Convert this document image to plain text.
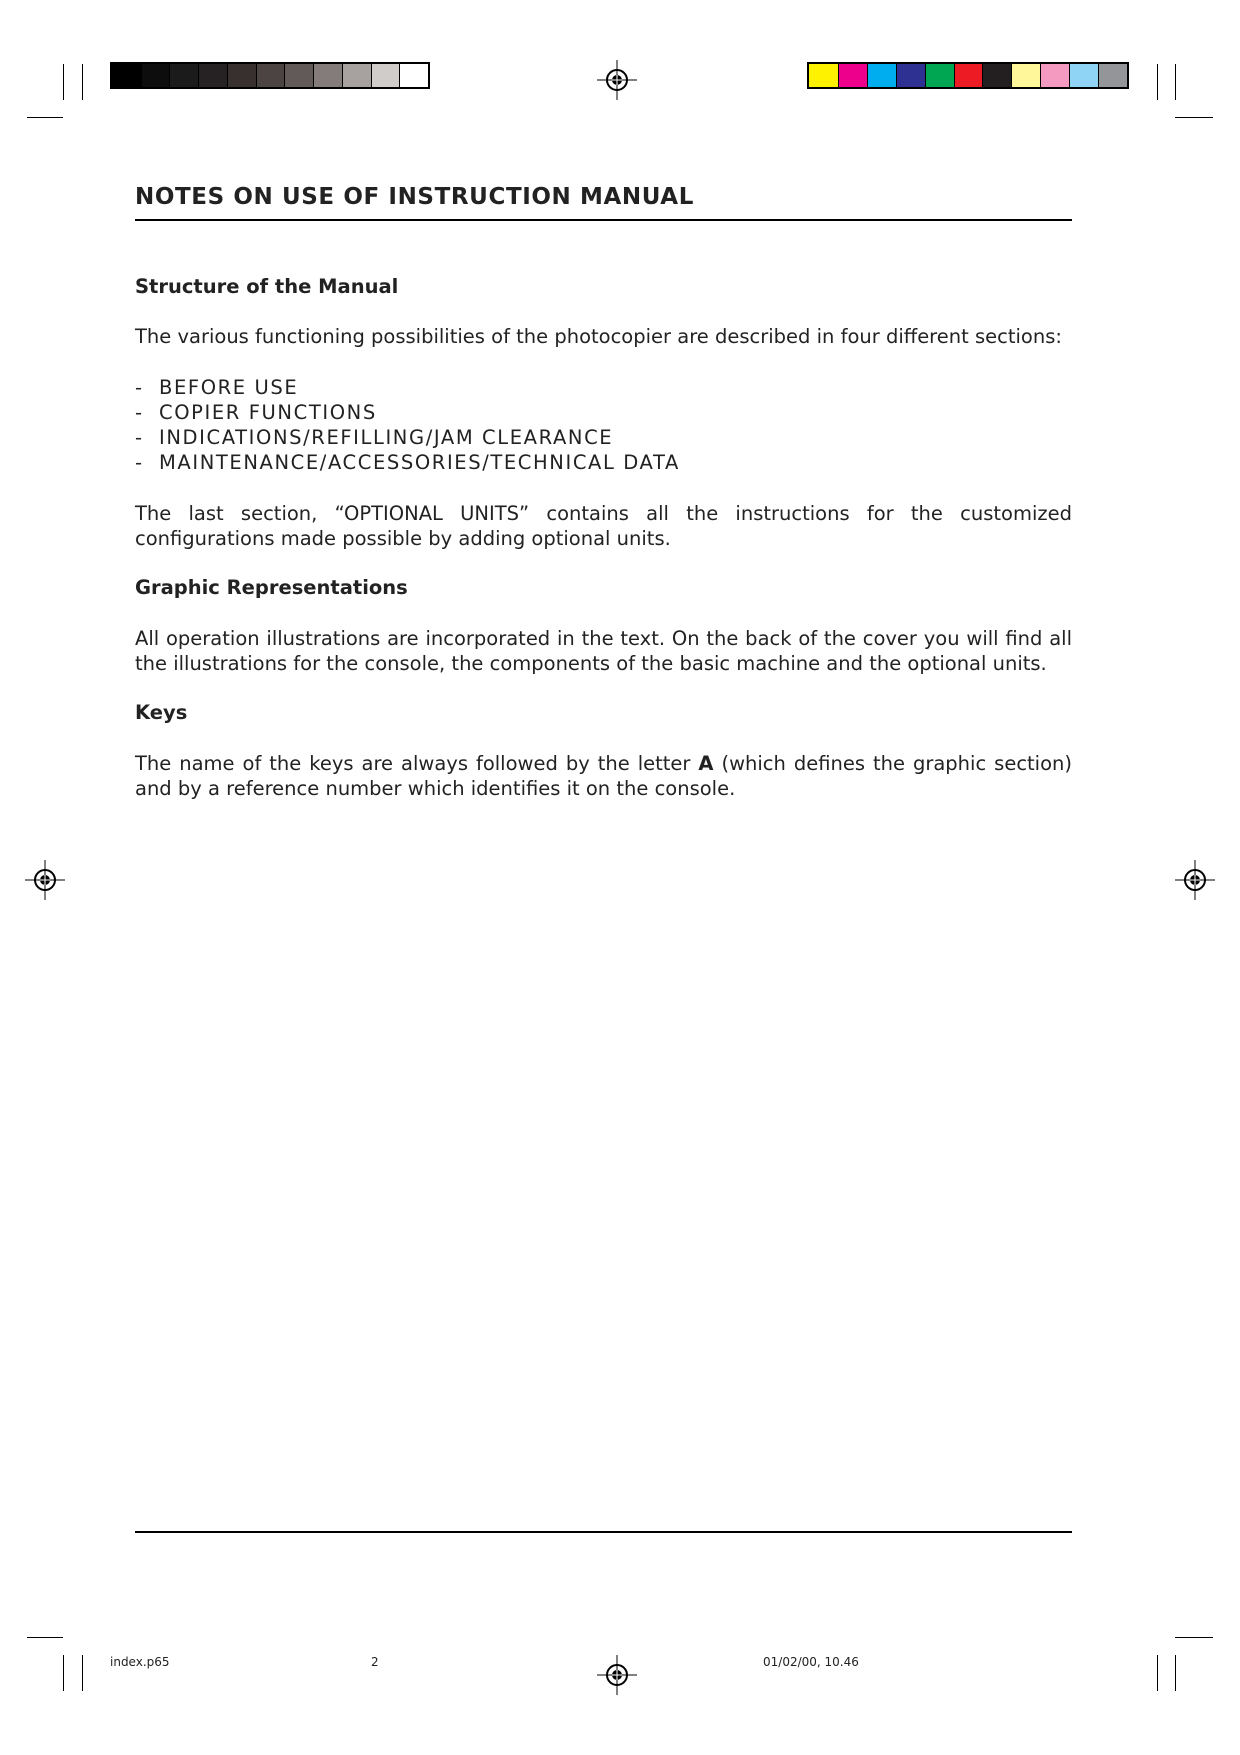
NOTES ON USE OF INSTRUCTION MANUAL
Structure of the Manual
The various functioning possibilities of the photocopier are described in four different sections:
- BEFORE USE
- COPIER FUNCTIONS
- INDICATIONS/REFILLING/JAM CLEARANCE
- MAINTENANCE/ACCESSORIES/TECHNICAL DATA
The last section, “OPTIONAL UNITS” contains all the instructions for the customized configurations made possible by adding optional units.
Graphic Representations
All operation illustrations are incorporated in the text. On the back of the cover you will find all the illustrations for the console, the components of the basic machine and the optional units.
Keys
The name of the keys are always followed by the letter A (which defines the graphic section) and by a reference number which identifies it on the console.
index.p65	2	01/02/00, 10.46
